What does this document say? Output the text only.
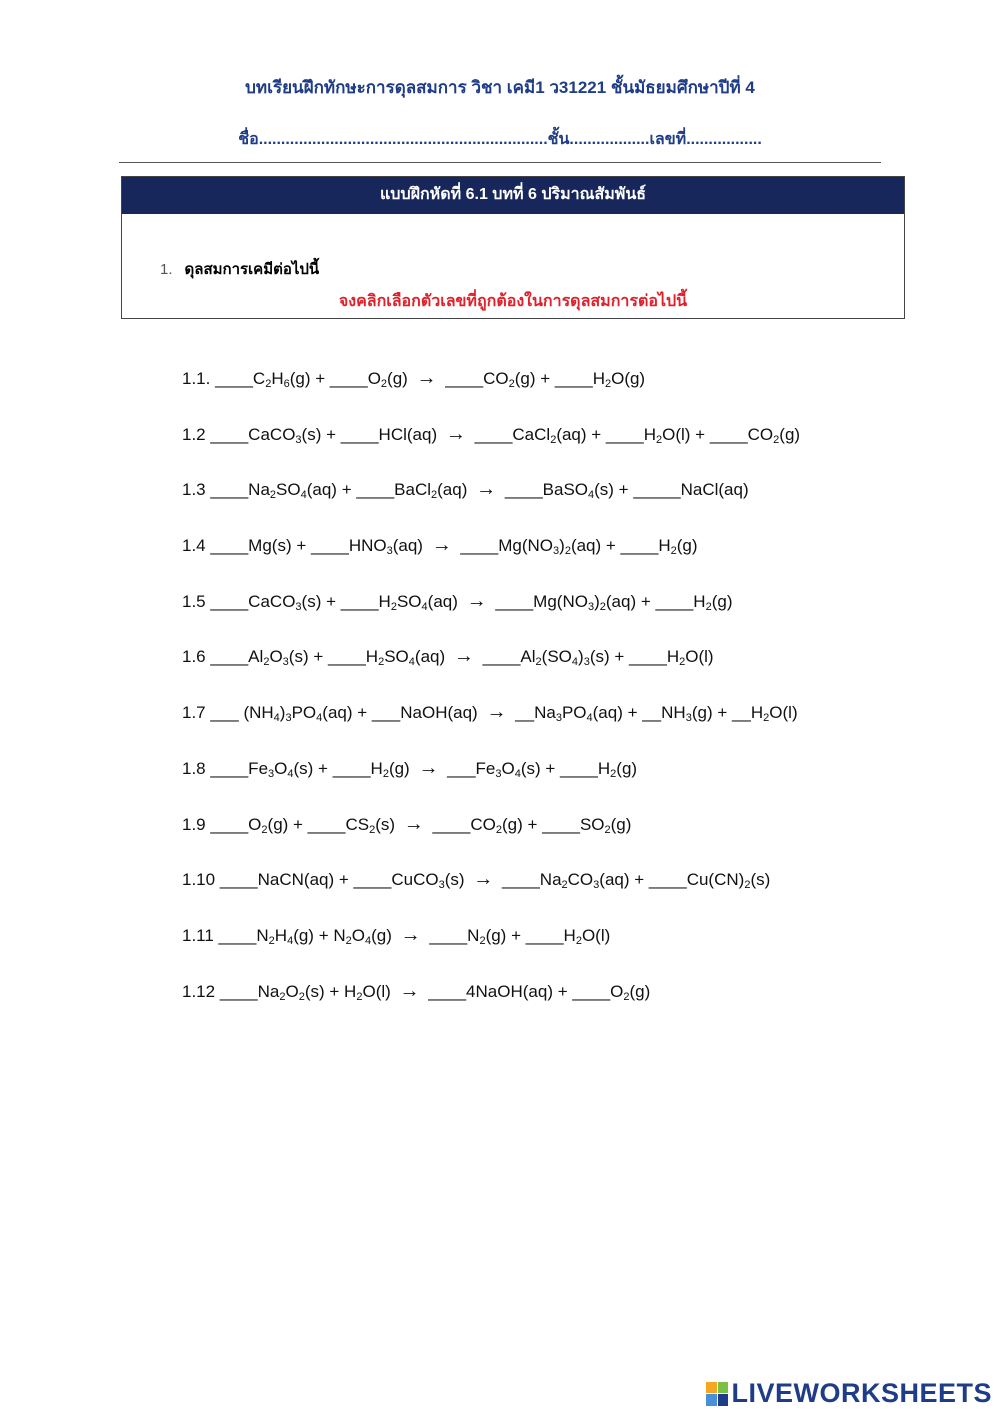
บทเรียนฝึกทักษะการดุลสมการ วิชา เคมี1 ว31221 ชั้นมัธยมศึกษาปีที่ 4
ชื่อ.................................................................ชั้น..................เลขที่.................
แบบฝึกหัดที่ 6.1 บทที่ 6 ปริมาณสัมพันธ์
1. ดุลสมการเคมีต่อไปนี้
จงคลิกเลือกตัวเลขที่ถูกต้องในการดุลสมการต่อไปนี้
1.1. $\_\_\_\_C_2H_6(g)$ + $\_\_\_\_O_2(g)$ → $\_\_\_\_CO_2(g)$ + $\_\_\_\_H_2O(g)$
1.2 ____CaCO$_3$(s) + ____HCl(aq) → ____CaCl$_2$(aq) + $\_\_\_\_H_2O(l)$ + $\_\_\_\_CO_2(g)$
1.3 $\_\_\_\_Na_2SO_4(aq)$ + ____BaCl$_2$(aq) → ____BaSO$_4$(s) + _____NaCl(aq)
1.4 ____Mg(s) + $\_\_\_\_HNO_3(aq)$ → $\_\_\_\_Mg(NO_3)_2(aq)$ + $\_\_\_\_H_2(g)$
1.5 ____CaCO$_3$(s) + $\_\_\_\_H_2SO_4(aq)$ → $\_\_\_\_Mg(NO_3)_2(aq)$ + $\_\_\_\_H_2(g)$
1.6 $\_\_\_\_Al_2O_3(s)$ + $\_\_\_\_H_2SO_4(aq)$ → $\_\_\_\_Al_2(SO_4)_3(s)$ + $\_\_\_\_H_2O(l)$
1.7 ___ $(NH_4)_3PO_4(aq)$ + ___NaOH(aq) → $\_\_Na_3PO_4(aq)$ + $\_\_NH_3(g)$ + $\_\_H_2O(l)$
1.8 $\_\_\_\_Fe_3O_4(s)$ + $\_\_\_\_H_2(g)$ → $\_\_\_Fe_3O_4(s)$ + $\_\_\_\_H_2(g)$
1.9 $\_\_\_\_O_2(g)$ + $\_\_\_\_CS_2(s)$ → $\_\_\_\_CO_2(g)$ + $\_\_\_\_SO_2(g)$
1.10 ____NaCN(aq) + ____CuCO$_3$(s) → $\_\_\_\_Na_2CO_3(aq)$ + $\_\_\_\_Cu(CN)_2(s)$
1.11 $\_\_\_\_N_2H_4(g) + N_2O_4(g)$ → $\_\_\_\_N_2(g)$ + $\_\_\_\_H_2O(l)$
1.12 $\_\_\_\_Na_2O_2(s) + H_2O(l)$ → ____4NaOH(aq) + $\_\_\_\_O_2(g)$
LIVEWORKSHEETS
